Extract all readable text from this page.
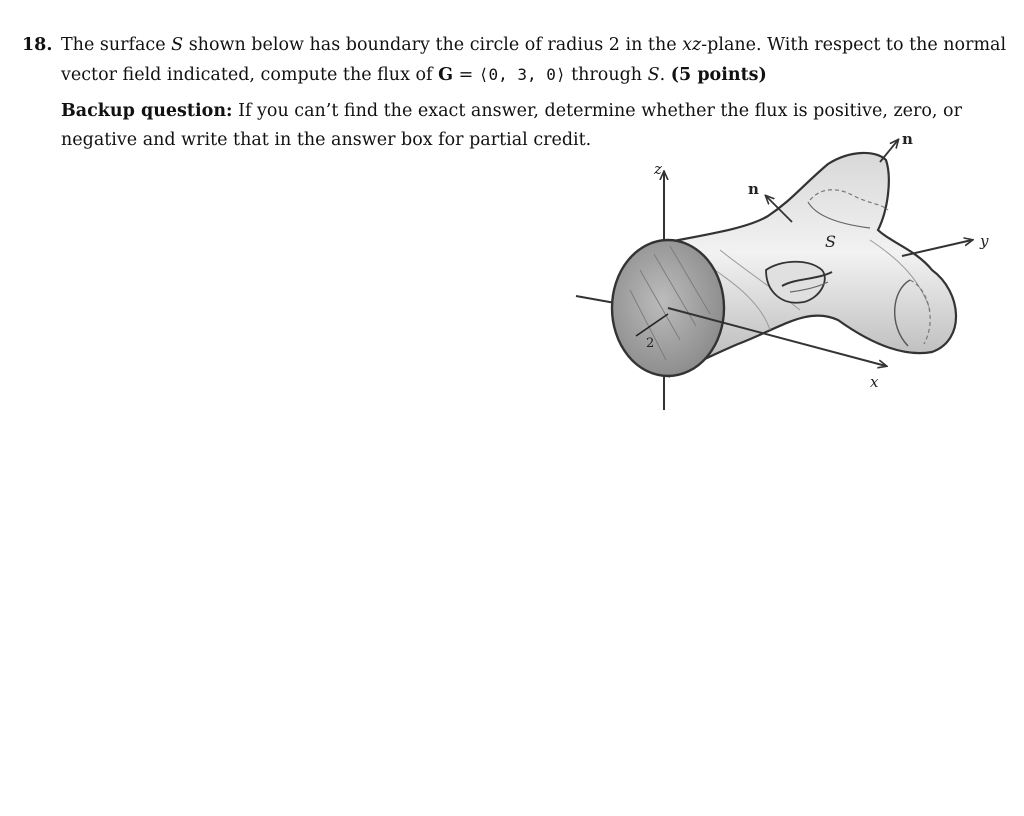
18. The surface S shown below has boundary the circle of radius 2 in the xz-plane. With respect to the normal vector field indicated, compute the flux of G = ⟨0, 3, 0⟩ through S. (5 points)
Backup question: If you can’t find the exact answer, determine whether the flux is positive, zero, or negative and write that in the answer box for partial credit.
z
2
x
y
S
n
n
